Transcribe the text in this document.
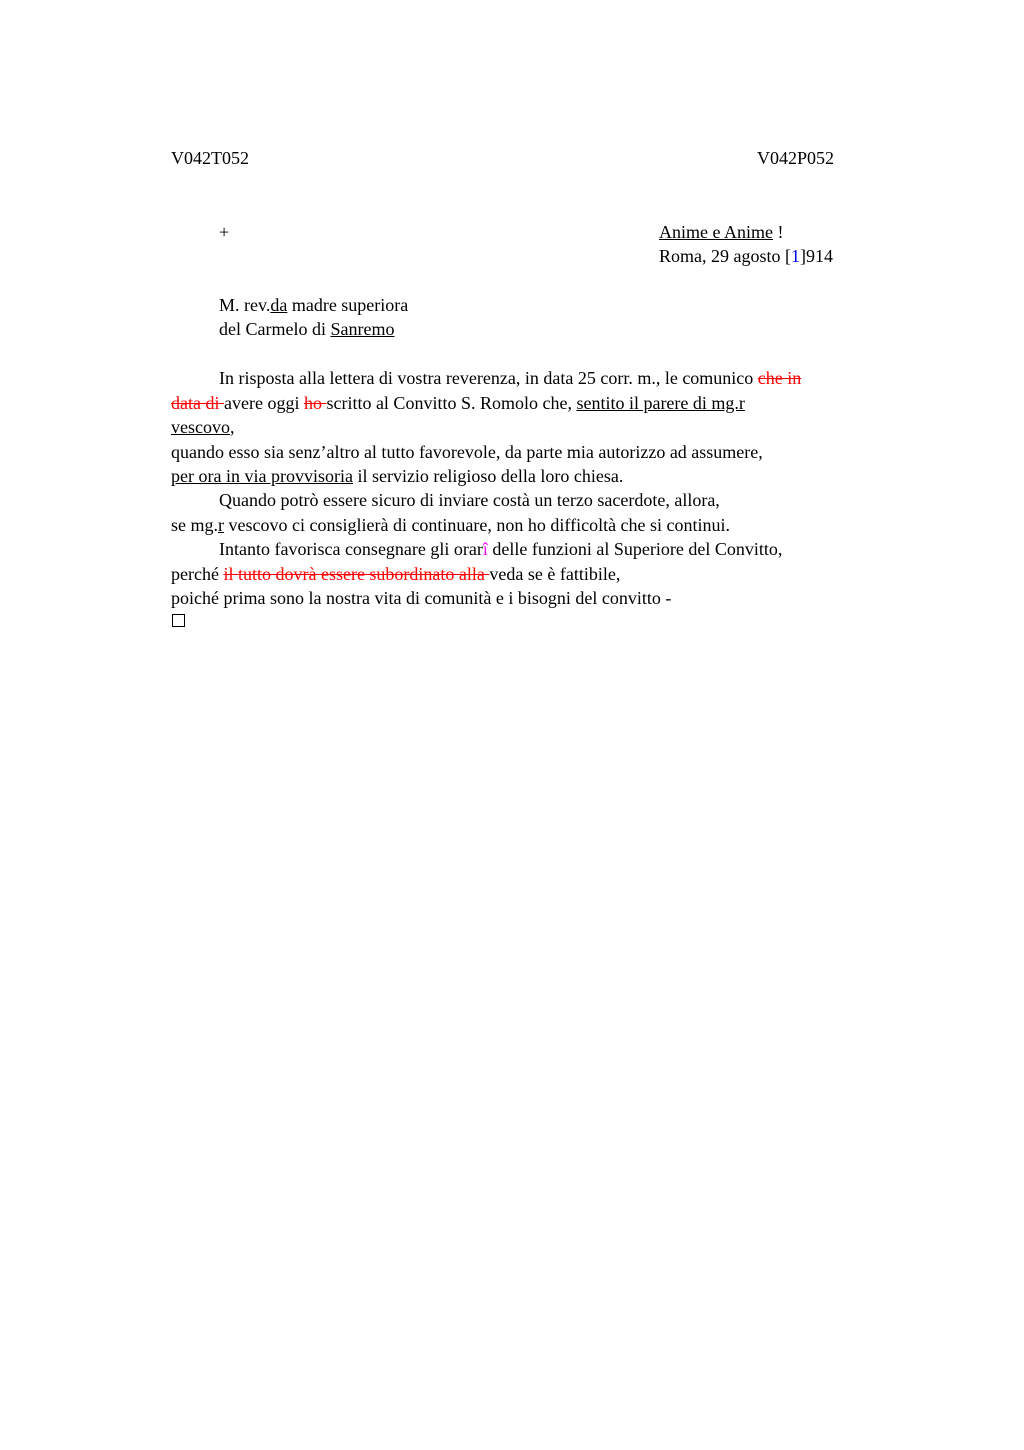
V042T052	V042P052
+	Anime e Anime !
Roma, 29 agosto [1]914
M. rev.da madre superiora
del Carmelo di Sanremo
In risposta alla lettera di vostra reverenza, in data 25 corr. m., le comunico che in
data di avere oggi ho scritto al Convitto S. Romolo che, sentito il parere di mg.r
vescovo,
quando esso sia senz’altro al tutto favorevole, da parte mia autorizzo ad assumere,
per ora in via provvisoria il servizio religioso della loro chiesa.
Quando potrò essere sicuro di inviare costà un terzo sacerdote, allora,
se mg.r vescovo ci consiglierà di continuare, non ho difficoltà che si continui.
Intanto favorisca consegnare gli orarî delle funzioni al Superiore del Convitto,
perché il tutto dovrà essere subordinato alla veda se è fattibile,
poiché prima sono la nostra vita di comunità e i bisogni del convitto -
